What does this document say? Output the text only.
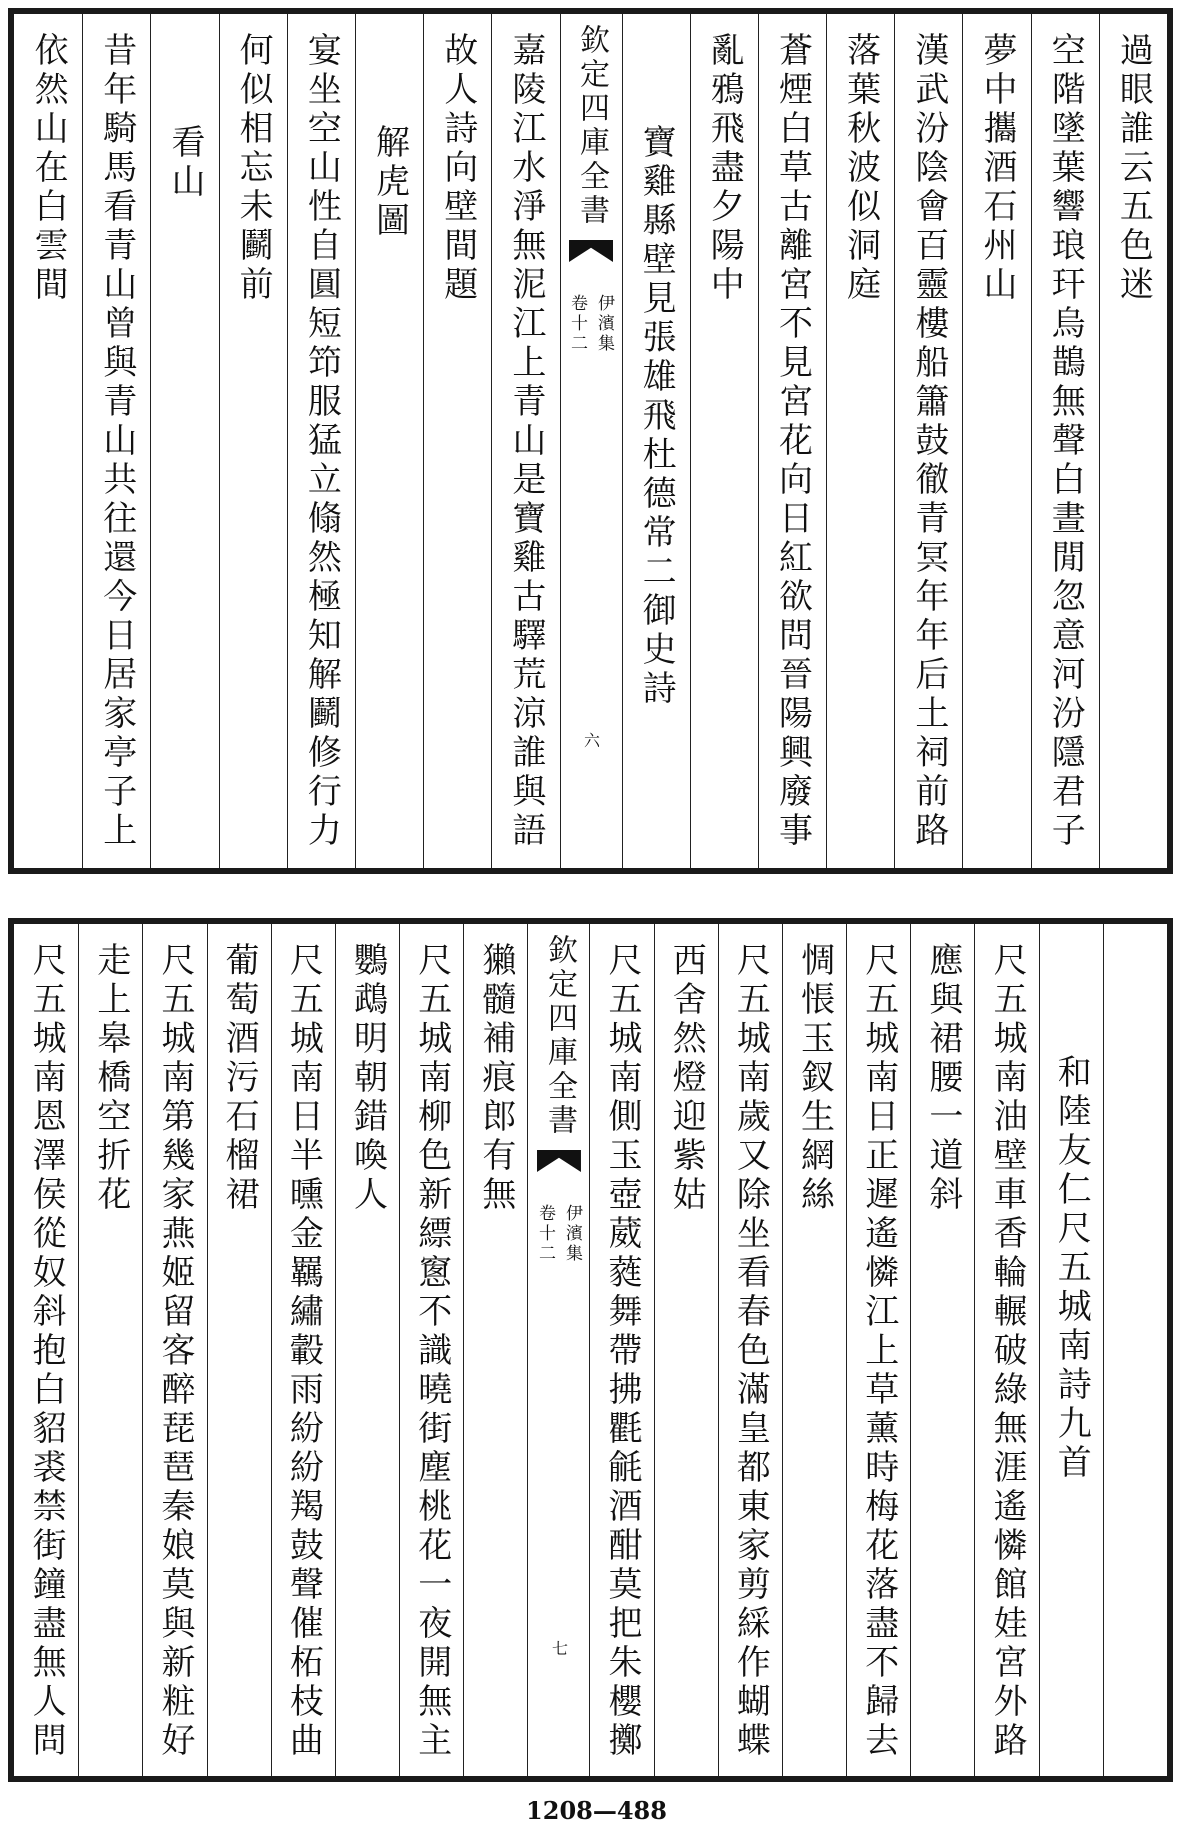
過眼誰云五色迷
空階墜葉響琅玕烏鵲無聲白晝閒忽意河汾隱君子
夢中攜酒石州山
漢武汾陰會百靈樓船簫鼓徹青冥年年后土祠前路
落葉秋波似洞庭
蒼煙白草古離宮不見宮花向日紅欲問晉陽興廢事
亂鴉飛盡夕陽中
寶雞縣壁見張雄飛杜德常二御史詩
欽定四庫全書
伊濱集
卷十二
六
嘉陵江水淨無泥江上青山是寶雞古驛荒涼誰與語
故人詩向壁間題
解虎圖
宴坐空山性自圓短笻服猛立翛然極知解鬬修行力
何似相忘未鬬前
看山
昔年騎馬看青山曾與青山共往還今日居家亭子上
依然山在白雲間
和陸友仁尺五城南詩九首
尺五城南油壁車香輪輾破綠無涯遙憐館娃宮外路
應與裙腰一道斜
尺五城南日正遲遙憐江上草薰時梅花落盡不歸去
惆悵玉釵生網絲
尺五城南歲又除坐看春色滿皇都東家剪綵作蝴蝶
西舍然燈迎紫姑
尺五城南側玉壺葳蕤舞帶拂氍毹酒酣莫把朱櫻擲
欽定四庫全書
伊濱集
卷十二
七
獺髓補痕郎有無
尺五城南柳色新縹窻不識曉街塵桃花一夜開無主
鸚鵡明朝錯喚人
尺五城南日半曛金羈繡轂雨紛紛羯鼓聲催柘枝曲
葡萄酒污石榴裙
尺五城南第幾家燕姬留客醉琵琶秦娘莫與新粧好
走上皋橋空折花
尺五城南恩澤侯從奴斜抱白貂裘禁街鐘盡無人問
1208—488
